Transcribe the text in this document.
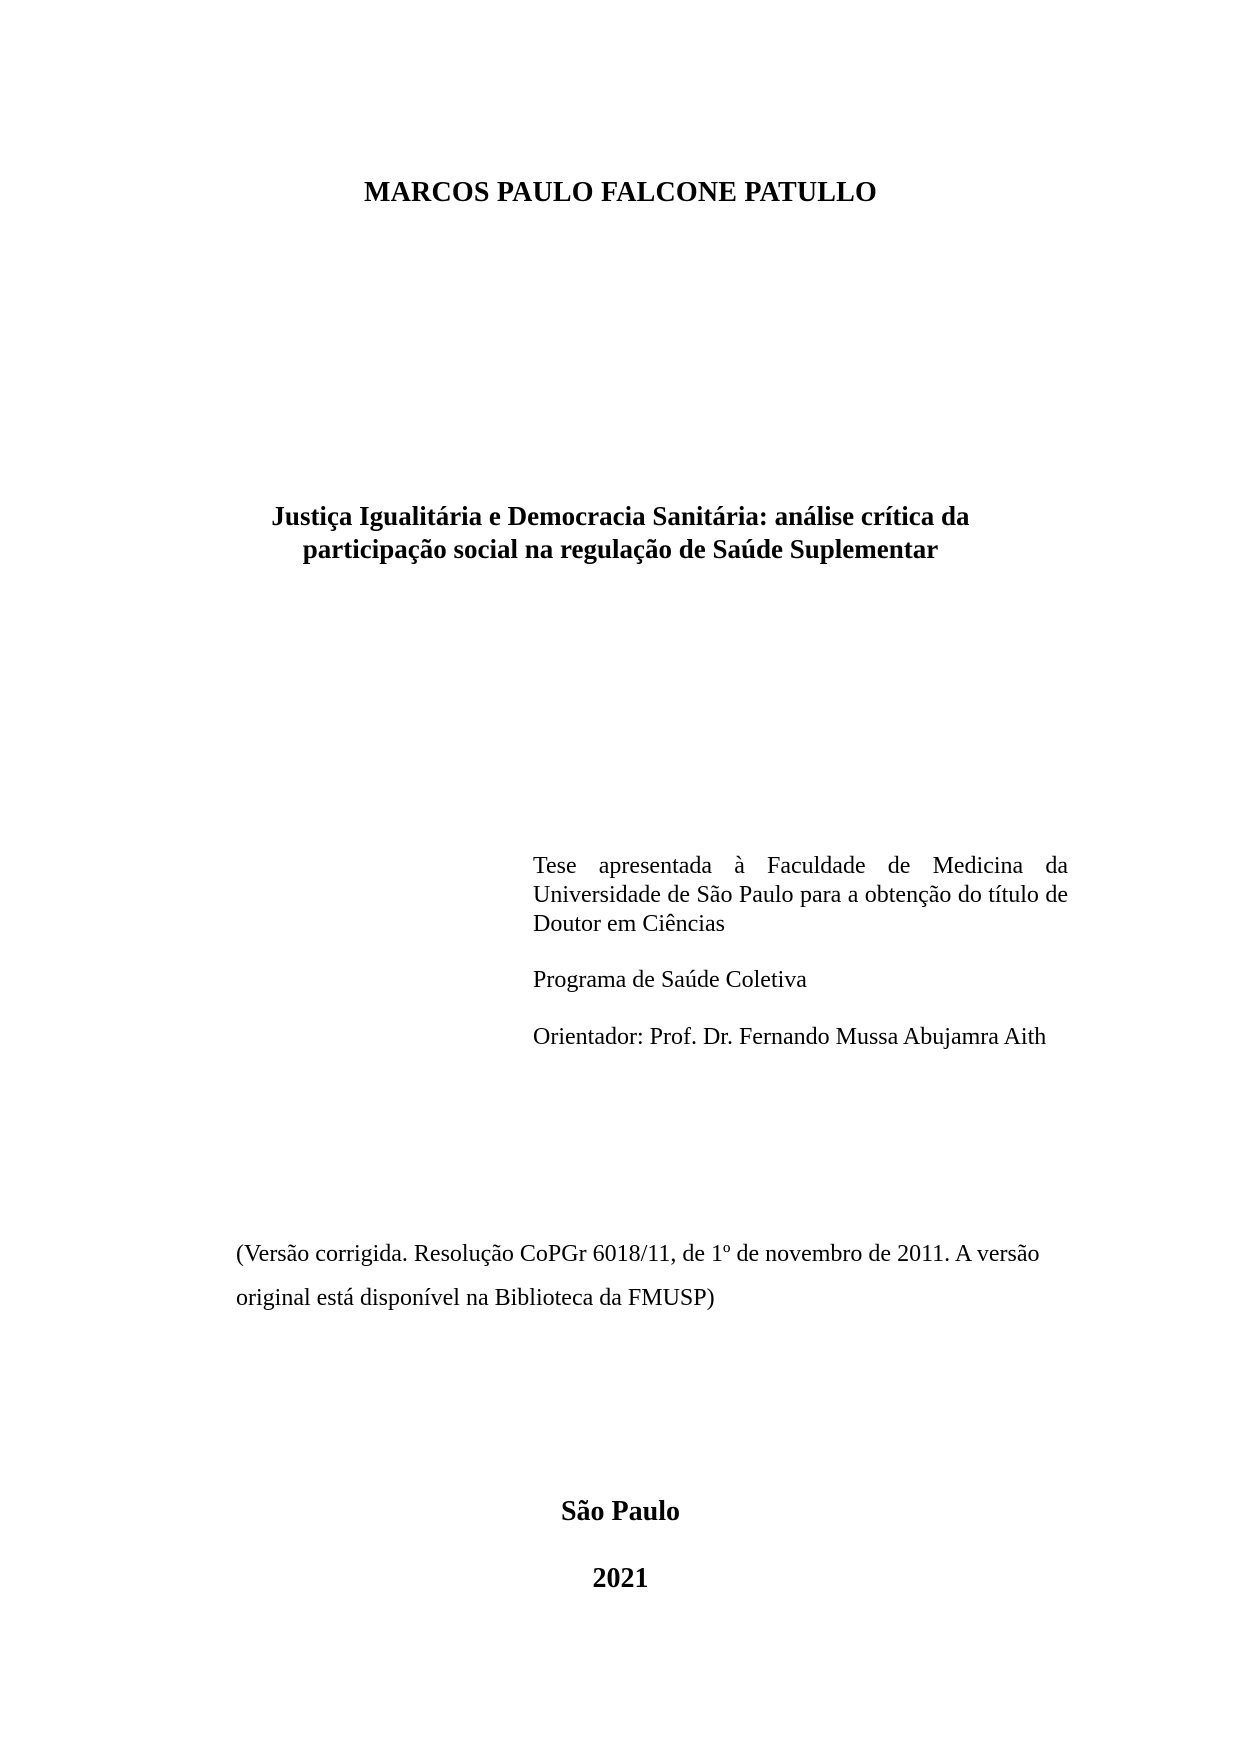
MARCOS PAULO FALCONE PATULLO
Justiça Igualitária e Democracia Sanitária: análise crítica da
participação social na regulação de Saúde Suplementar

Tese apresentada à Faculdade de Medicina da Universidade de São Paulo para a obtenção do título de Doutor em Ciências

Programa de Saúde Coletiva

Orientador: Prof. Dr. Fernando Mussa Abujamra Aith

(Versão corrigida. Resolução CoPGr 6018/11, de 1º de novembro de 2011. A versão
original está disponível na Biblioteca da FMUSP)
São Paulo
2021
